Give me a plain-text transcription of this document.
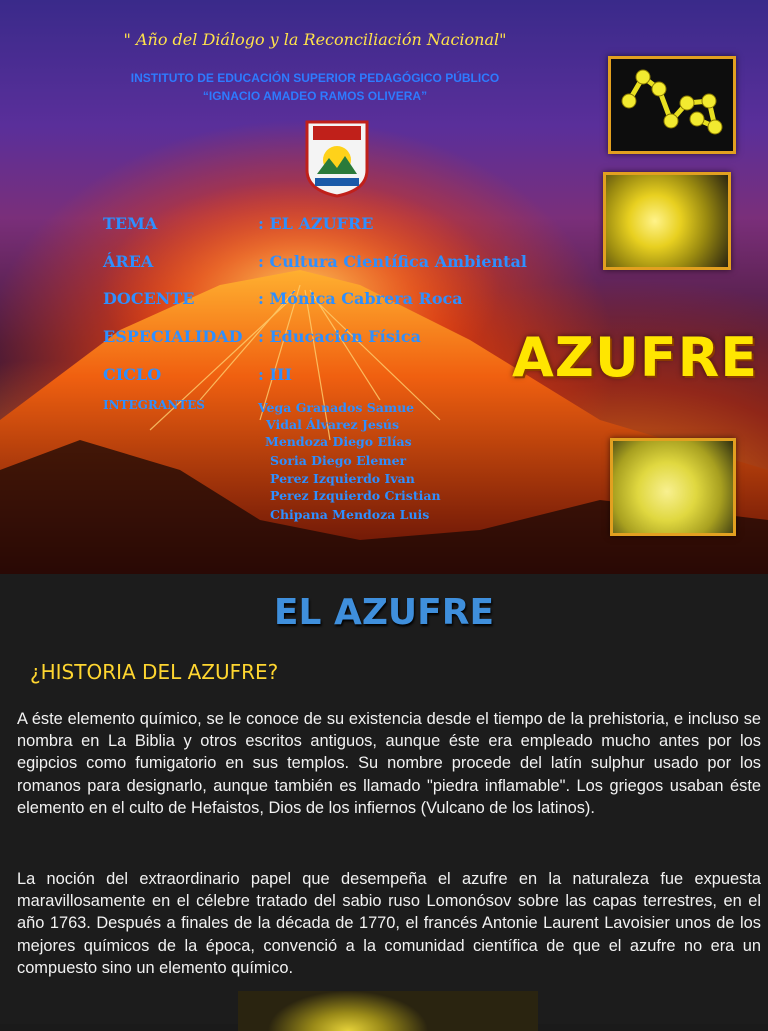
" Año del Diálogo y la Reconciliación Nacional"
INSTITUTO DE EDUCACIÓN SUPERIOR PEDAGÓGICO PÚBLICO
“IGNACIO AMADEO RAMOS OLIVERA”
TEMA	: EL AZUFRE
ÁREA	: Cultura Científica Ambiental
DOCENTE	: Mónica Cabrera Roca
ESPECIALIDAD	: Educación Física
CICLO	: III
INTEGRANTES	Vega Granados Samue
Vidal Álvarez Jesús
Mendoza Diego Elías
Soria Diego Elemer
Perez Izquierdo Ivan
Perez Izquierdo Cristian
Chipana Mendoza Luis
AZUFRE
EL AZUFRE
¿HISTORIA DEL AZUFRE?
A éste elemento químico, se le conoce de su existencia desde el tiempo de la prehistoria, e incluso se nombra en La Biblia y otros escritos antiguos, aunque éste era empleado mucho antes por los egipcios como fumigatorio en sus templos. Su nombre procede del latín sulphur usado por los romanos para designarlo, aunque también es llamado "piedra inflamable". Los griegos usaban éste elemento en el culto de Hefaistos, Dios de los infiernos (Vulcano de los latinos).
La noción del extraordinario papel que desempeña el azufre en la naturaleza fue expuesta maravillosamente en el célebre tratado del sabio ruso Lomonósov sobre las capas terrestres, en el año 1763. Después a finales de la década de 1770, el francés Antonie Laurent Lavoisier unos de los mejores químicos de la época, convenció a la comunidad científica de que el azufre no era un compuesto sino un elemento químico.
